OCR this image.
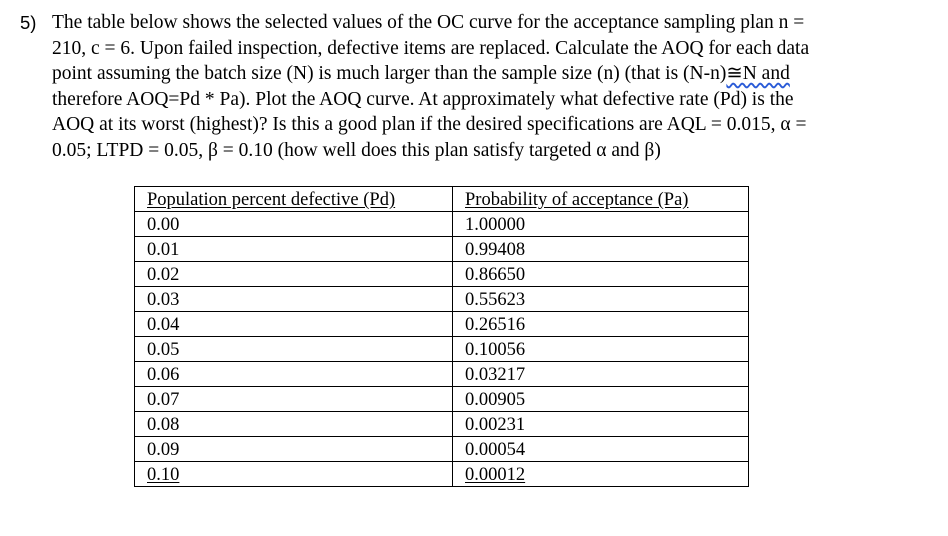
5) The table below shows the selected values of the OC curve for the acceptance sampling plan n =
210, c = 6. Upon failed inspection, defective items are replaced. Calculate the AOQ for each data
point assuming the batch size (N) is much larger than the sample size (n) (that is (N-n)≅N and
therefore AOQ=Pd * Pa). Plot the AOQ curve. At approximately what defective rate (Pd) is the
AOQ at its worst (highest)? Is this a good plan if the desired specifications are AQL = 0.015, α =
0.05; LTPD = 0.05, β = 0.10 (how well does this plan satisfy targeted α and β)
Population percent defective (Pd)	Probability of acceptance (Pa)
0.00	1.00000
0.01	0.99408
0.02	0.86650
0.03	0.55623
0.04	0.26516
0.05	0.10056
0.06	0.03217
0.07	0.00905
0.08	0.00231
0.09	0.00054
0.10	0.00012
